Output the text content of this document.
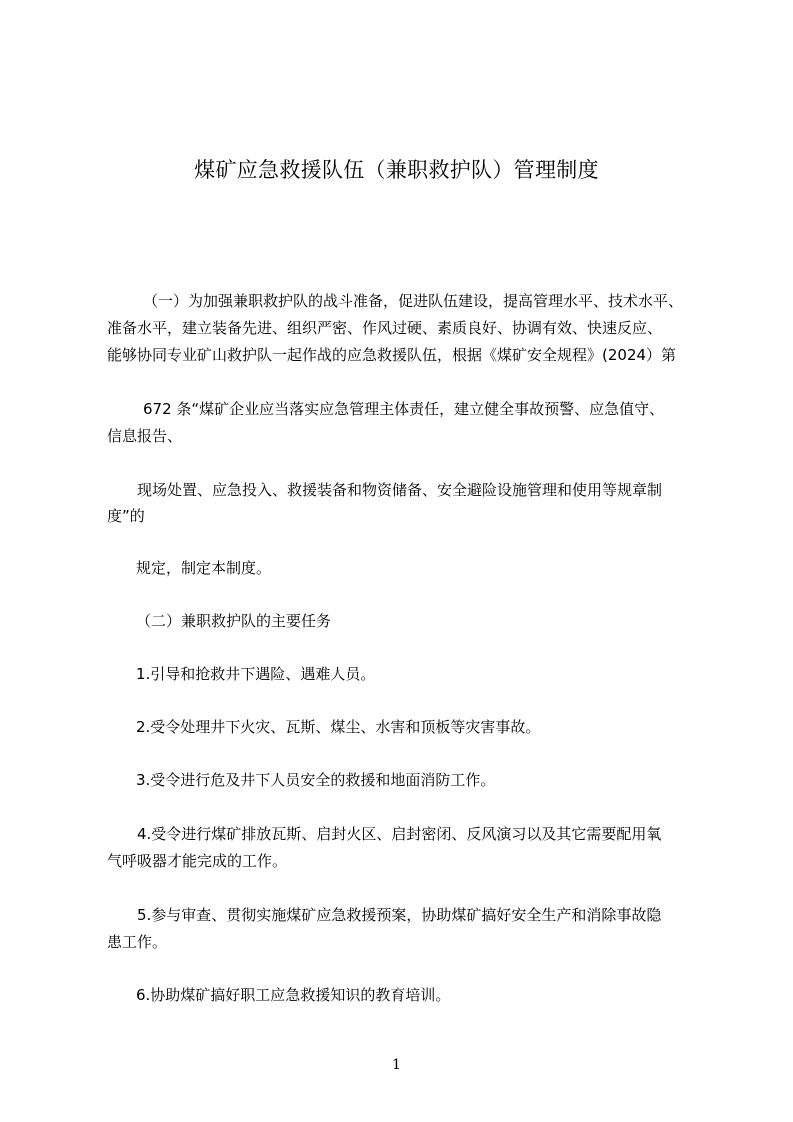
煤矿应急救援队伍（兼职救护队）管理制度
（一）为加强兼职救护队的战斗准备，促进队伍建设，提高管理水平、技术水平、
准备水平，建立装备先进、组织严密、作风过硬、素质良好、协调有效、快速反应、
能够协同专业矿山救护队一起作战的应急救援队伍，根据《煤矿安全规程》(2024）第
672 条“煤矿企业应当落实应急管理主体责任，建立健全事故预警、应急值守、
信息报告、
现场处置、应急投入、救援装备和物资储备、安全避险设施管理和使用等规章制
度”的
规定，制定本制度。
（二）兼职救护队的主要任务
1.引导和抢救井下遇险、遇难人员。
2.受令处理井下火灾、瓦斯、煤尘、水害和顶板等灾害事故。
3.受令进行危及井下人员安全的救援和地面消防工作。
4.受令进行煤矿排放瓦斯、启封火区、启封密闭、反风演习以及其它需要配用氧
气呼吸器才能完成的工作。
5.参与审查、贯彻实施煤矿应急救援预案，协助煤矿搞好安全生产和消除事故隐
患工作。
6.协助煤矿搞好职工应急救援知识的教育培训。
1
